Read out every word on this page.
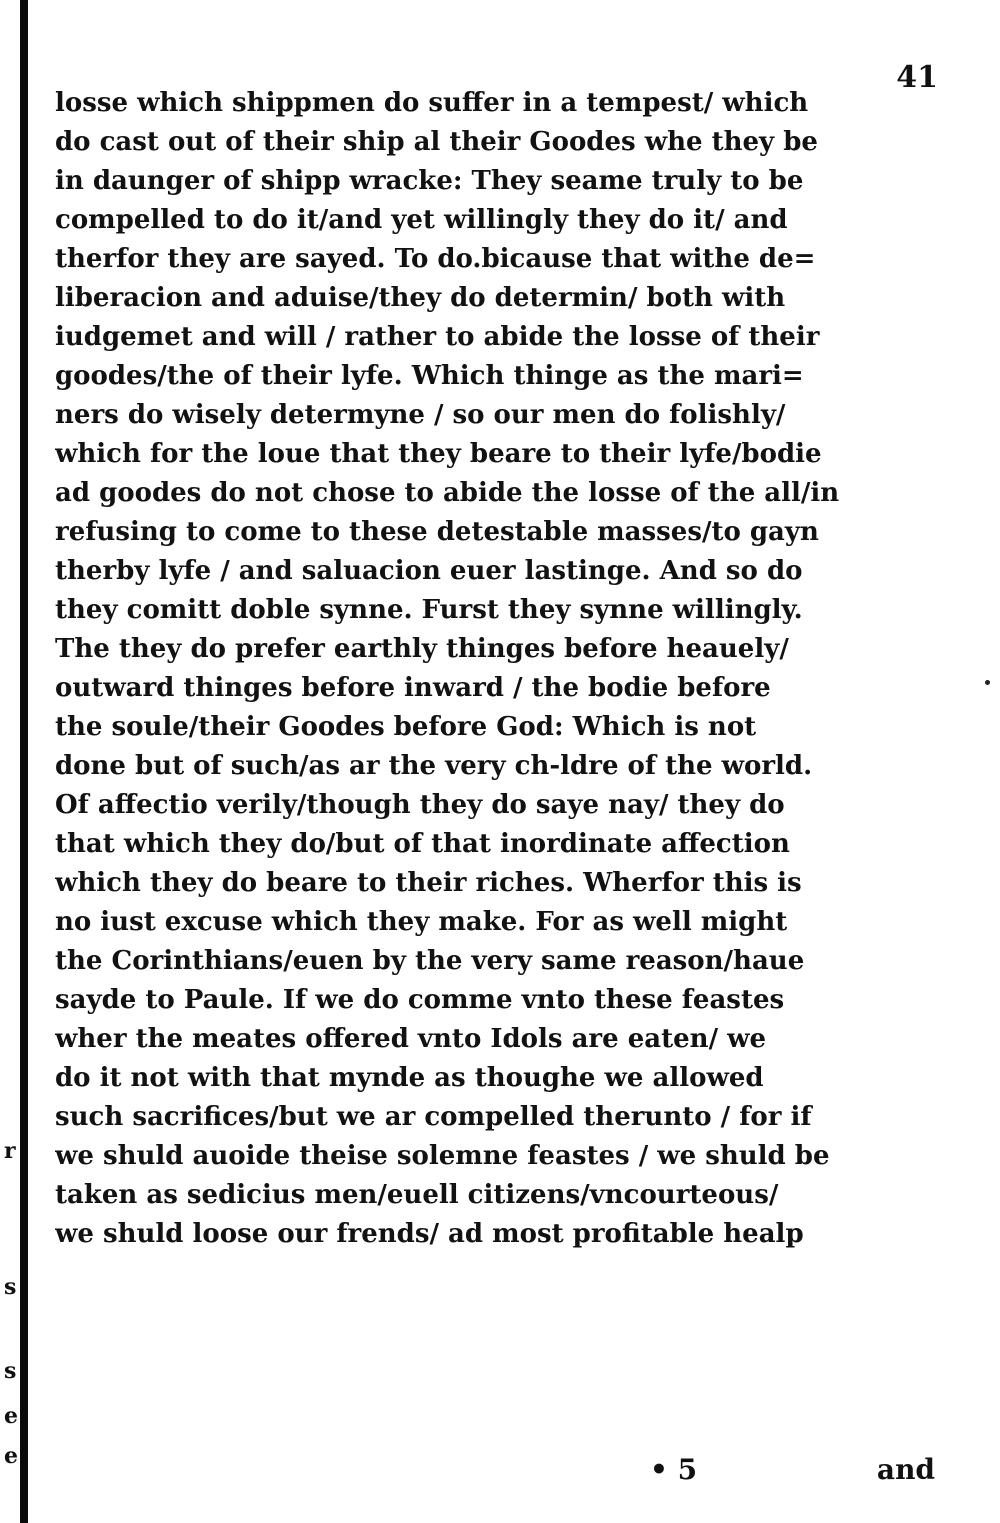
r
s
s
e
e
41
losse which shippmen do suffer in a tempest/ which
do cast out of their ship al their Goodes whe they be
in daunger of shipp wracke: They seame truly to be
compelled to do it/and yet willingly they do it/ and
therfor they are sayed. To do.bicause that withe de=
liberacion and aduise/they do determin/ both with
iudgemet and will / rather to abide the losse of their
goodes/the of their lyfe. Which thinge as the mari=
ners do wisely determyne / so our men do folishly/
which for the loue that they beare to their lyfe/bodie
ad goodes do not chose to abide the losse of the all/in
refusing to come to these detestable masses/to gayn
therby lyfe / and saluacion euer lastinge. And so do
they comitt doble synne. Furst they synne willingly.
The they do prefer earthly thinges before heauely/
outward thinges before inward / the bodie before
the soule/their Goodes before God: Which is not
done but of such/as ar the very ch-ldre of the world.
Of affectio verily/though they do saye nay/ they do
that which they do/but of that inordinate affection
which they do beare to their riches. Wherfor this is
no iust excuse which they make. For as well might
the Corinthians/euen by the very same reason/haue
sayde to Paule. If we do comme vnto these feastes
wher the meates offered vnto Idols are eaten/ we
do it not with that mynde as thoughe we allowed
such sacrifices/but we ar compelled therunto / for if
we shuld auoide theise solemne feastes / we shuld be
taken as sedicius men/euell citizens/vncourteous/
we shuld loose our frends/ ad most profitable healp
• 5	and
